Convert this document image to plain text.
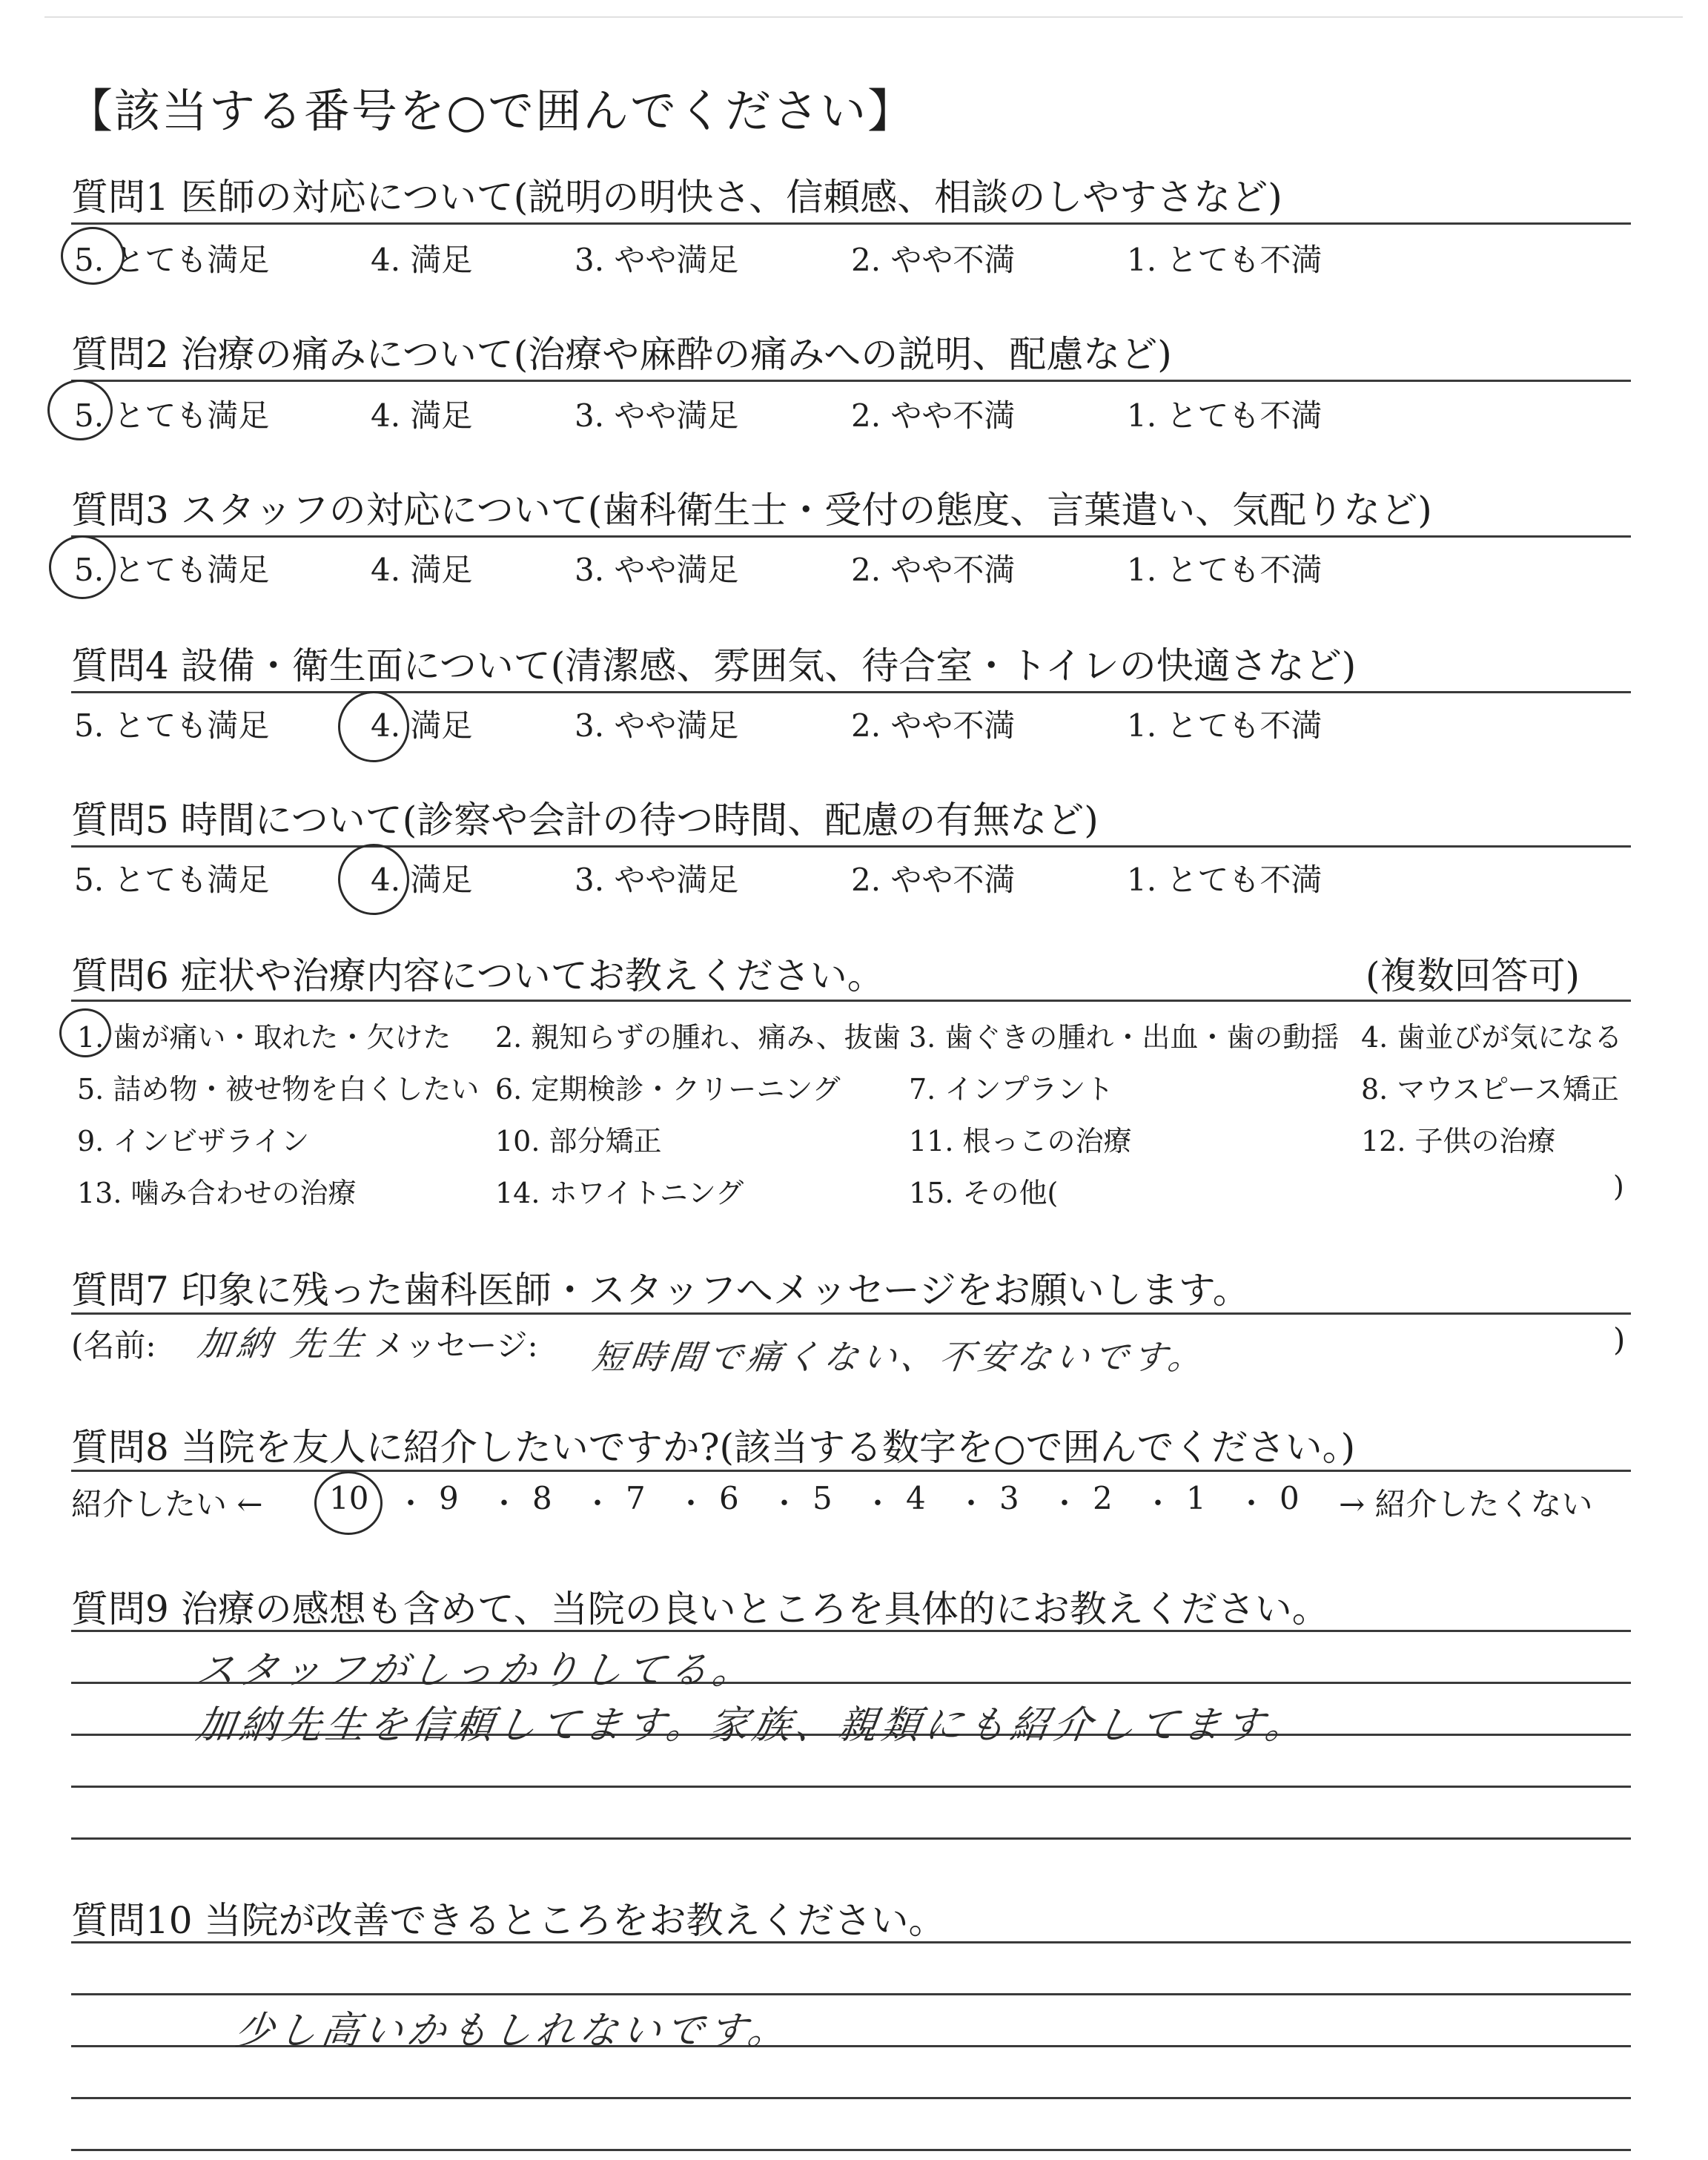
【該当する番号を○で囲んでください】
質問1 医師の対応について(説明の明快さ、信頼感、相談のしやすさなど)
5. とても満足	4. 満足	3. やや満足	2. やや不満	1. とても不満
質問2 治療の痛みについて(治療や麻酔の痛みへの説明、配慮など)
5. とても満足	4. 満足	3. やや満足	2. やや不満	1. とても不満
質問3 スタッフの対応について(歯科衛生士・受付の態度、言葉遣い、気配りなど)
5. とても満足	4. 満足	3. やや満足	2. やや不満	1. とても不満
質問4 設備・衛生面について(清潔感、雰囲気、待合室・トイレの快適さなど)
5. とても満足	4. 満足	3. やや満足	2. やや不満	1. とても不満
質問5 時間について(診察や会計の待つ時間、配慮の有無など)
5. とても満足	4. 満足	3. やや満足	2. やや不満	1. とても不満
質問6 症状や治療内容についてお教えください。	(複数回答可)
1. 歯が痛い・取れた・欠けた 2. 親知らずの腫れ、痛み、抜歯 3. 歯ぐきの腫れ・出血・歯の動揺 4. 歯並びが気になる
5. 詰め物・被せ物を白くしたい 6. 定期検診・クリーニング 7. インプラント	8. マウスピース矯正
9. インビザライン	10. 部分矯正	11. 根っこの治療	12. 子供の治療
13. 噛み合わせの治療	14. ホワイトニング	15. その他(	)
質問7 印象に残った歯科医師・スタッフへメッセージをお願いします。
(名前: 加納 先生 メッセージ: 短時間で痛くない、不安ないです。	)
質問8 当院を友人に紹介したいですか?(該当する数字を○で囲んでください。)
紹介したい ← 10 ・ 9 ・ 8 ・ 7 ・ 6 ・ 5 ・ 4 ・ 3 ・ 2 ・ 1 ・ 0 → 紹介したくない
質問9 治療の感想も含めて、当院の良いところを具体的にお教えください。
スタッフがしっかりしてる。
加納先生を信頼してます。家族、親類にも紹介してます。
質問10 当院が改善できるところをお教えください。
少し高いかもしれないです。
